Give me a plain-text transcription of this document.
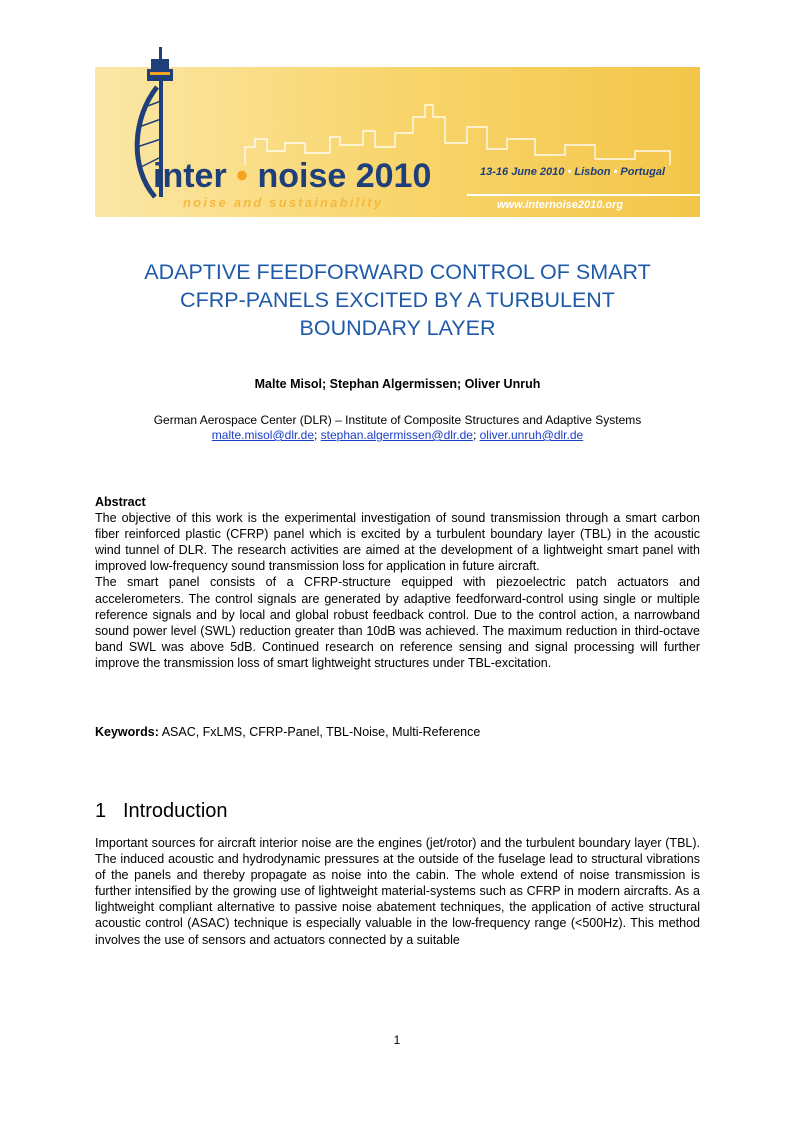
inter • noise 2010
noise and sustainability
13-16 June 2010 • Lisbon • Portugal
www.internoise2010.org
ADAPTIVE FEEDFORWARD CONTROL OF SMART
CFRP-PANELS EXCITED BY A TURBULENT
BOUNDARY LAYER
Malte Misol; Stephan Algermissen; Oliver Unruh
German Aerospace Center (DLR) – Institute of Composite Structures and Adaptive Systems
malte.misol@dlr.de; stephan.algermissen@dlr.de; oliver.unruh@dlr.de

Abstract

The objective of this work is the experimental investigation of sound transmission through a smart carbon fiber reinforced plastic (CFRP) panel which is excited by a turbulent boundary layer (TBL) in the acoustic wind tunnel of DLR. The research activities are aimed at the development of a lightweight smart panel with improved low-frequency sound transmission loss for application in future aircraft.

The smart panel consists of a CFRP-structure equipped with piezoelectric patch actuators and accelerometers. The control signals are generated by adaptive feedforward-control using single or multiple reference signals and by local and global robust feedback control. Due to the control action, a narrowband sound power level (SWL) reduction greater than 10dB was achieved. The maximum reduction in third-octave band SWL was above 5dB. Continued research on reference sensing and signal processing will further improve the transmission loss of smart lightweight structures under TBL-excitation.

Keywords: ASAC, FxLMS, CFRP-Panel, TBL-Noise, Multi-Reference
1 Introduction

Important sources for aircraft interior noise are the engines (jet/rotor) and the turbulent boundary layer (TBL). The induced acoustic and hydrodynamic pressures at the outside of the fuselage lead to structural vibrations of the panels and thereby propagate as noise into the cabin. The whole extend of noise transmission is further intensified by the growing use of lightweight material-systems such as CFRP in modern aircrafts. As a lightweight compliant alternative to passive noise abatement techniques, the application of active structural acoustic control (ASAC) technique is especially valuable in the low-frequency range (<500Hz). This method involves the use of sensors and actuators connected by a suitable

1
